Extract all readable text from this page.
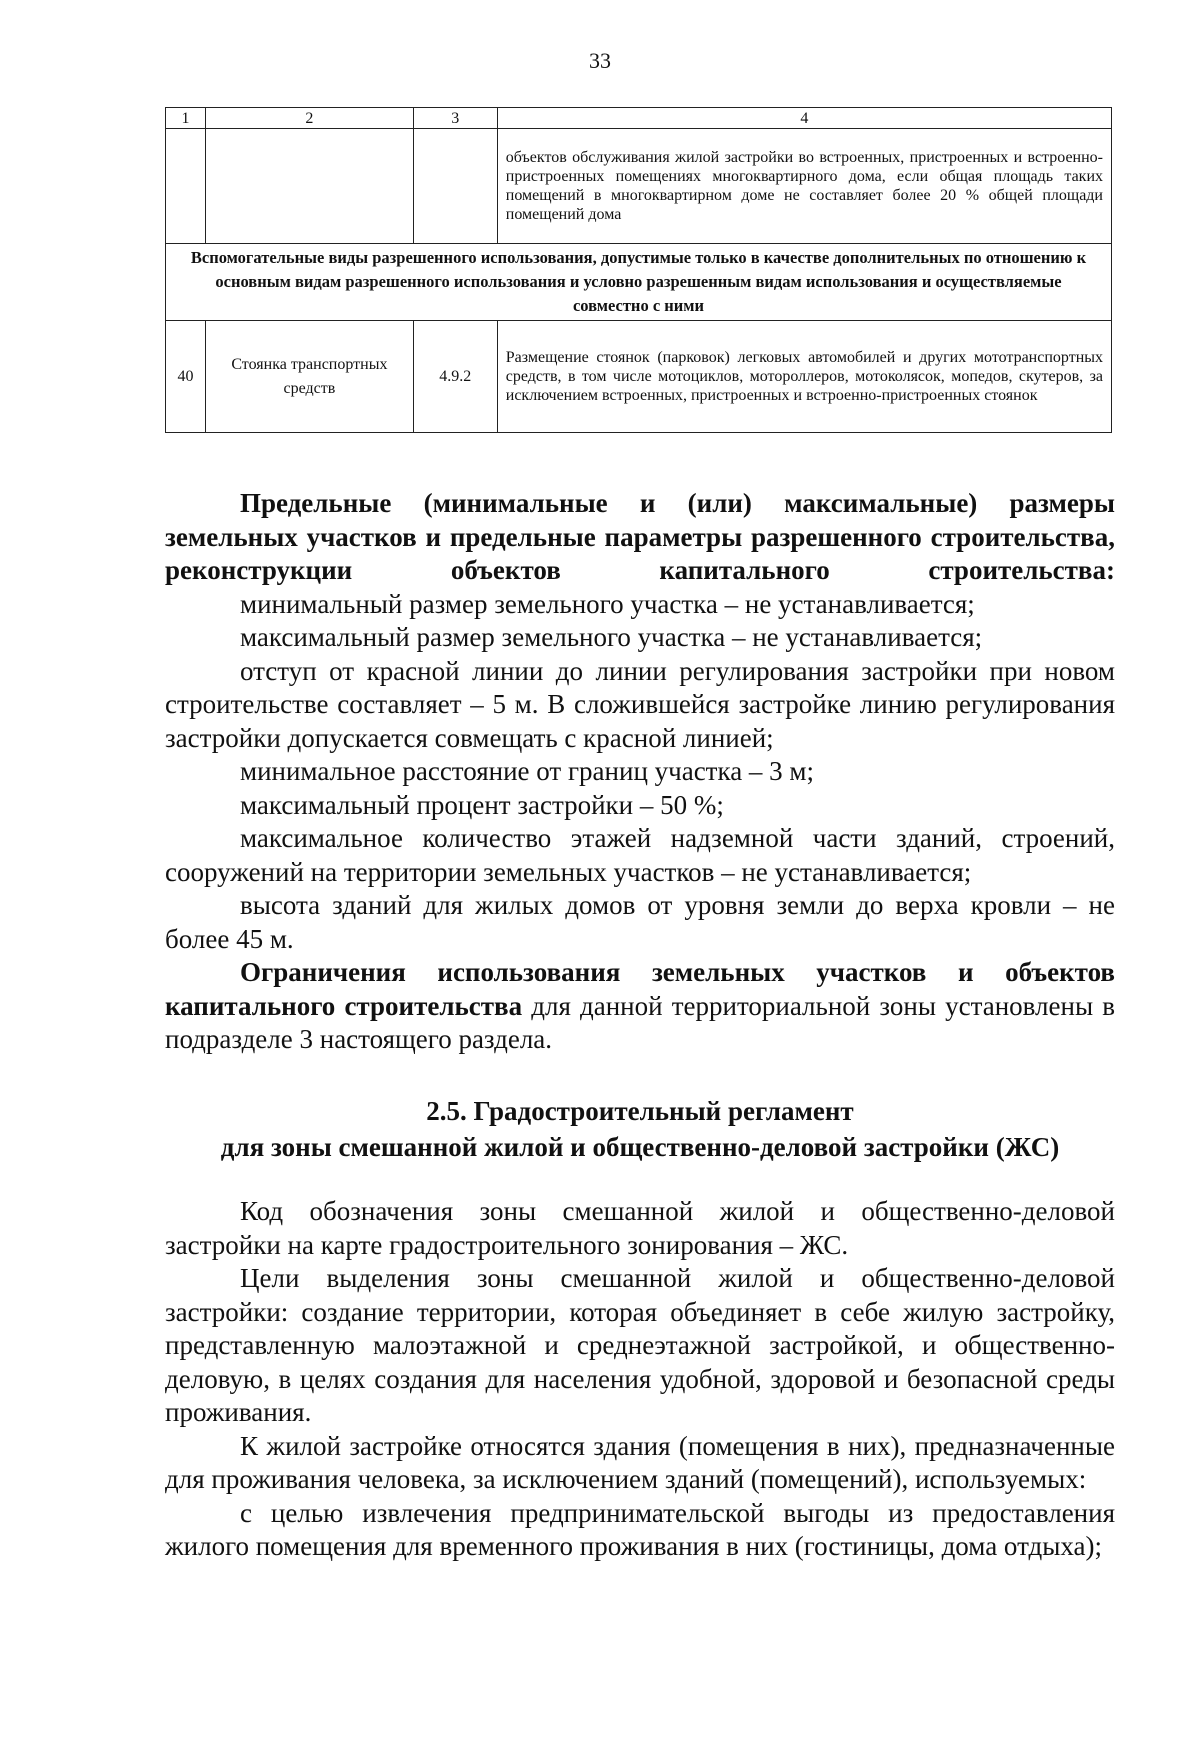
33
1	2	3	4
			объектов обслуживания жилой застройки во встроенных, пристроенных и встроенно-пристроенных помещениях многоквартирного дома, если общая площадь таких помещений в многоквартирном доме не составляет более 20 % общей площади помещений дома
Вспомогательные виды разрешенного использования, допустимые только в качестве дополнительных по отношению к основным видам разрешенного использования и условно разрешенным видам использования и осуществляемые совместно с ними			
40	Стоянка транспортных средств	4.9.2	Размещение стоянок (парковок) легковых автомобилей и других мототранспортных средств, в том числе мотоциклов, мотороллеров, мотоколясок, мопедов, скутеров, за исключением встроенных, пристроенных и встроенно-пристроенных стоянок

Предельные (минимальные и (или) максимальные) размеры земельных участков и предельные параметры разрешенного строительства, реконструкции объектов капитального строительства:

минимальный размер земельного участка – не устанавливается;

максимальный размер земельного участка – не устанавливается;

отступ от красной линии до линии регулирования застройки при новом строительстве составляет – 5 м. В сложившейся застройке линию регулирования застройки допускается совмещать с красной линией;

минимальное расстояние от границ участка – 3 м;

максимальный процент застройки – 50 %;

максимальное количество этажей надземной части зданий, строений, сооружений на территории земельных участков – не устанавливается;

высота зданий для жилых домов от уровня земли до верха кровли – не более 45 м.

Ограничения использования земельных участков и объектов капитального строительства для данной территориальной зоны установлены в подразделе 3 настоящего раздела.

2.5. Градостроительный регламент
для зоны смешанной жилой и общественно-деловой застройки (ЖС)

Код обозначения зоны смешанной жилой и общественно-деловой застройки на карте градостроительного зонирования – ЖС.

Цели выделения зоны смешанной жилой и общественно-деловой застройки: создание территории, которая объединяет в себе жилую застройку, представленную малоэтажной и среднеэтажной застройкой, и общественно-деловую, в целях создания для населения удобной, здоровой и безопасной среды проживания.

К жилой застройке относятся здания (помещения в них), предназначенные для проживания человека, за исключением зданий (помещений), используемых:

с целью извлечения предпринимательской выгоды из предоставления жилого помещения для временного проживания в них (гостиницы, дома отдыха);
